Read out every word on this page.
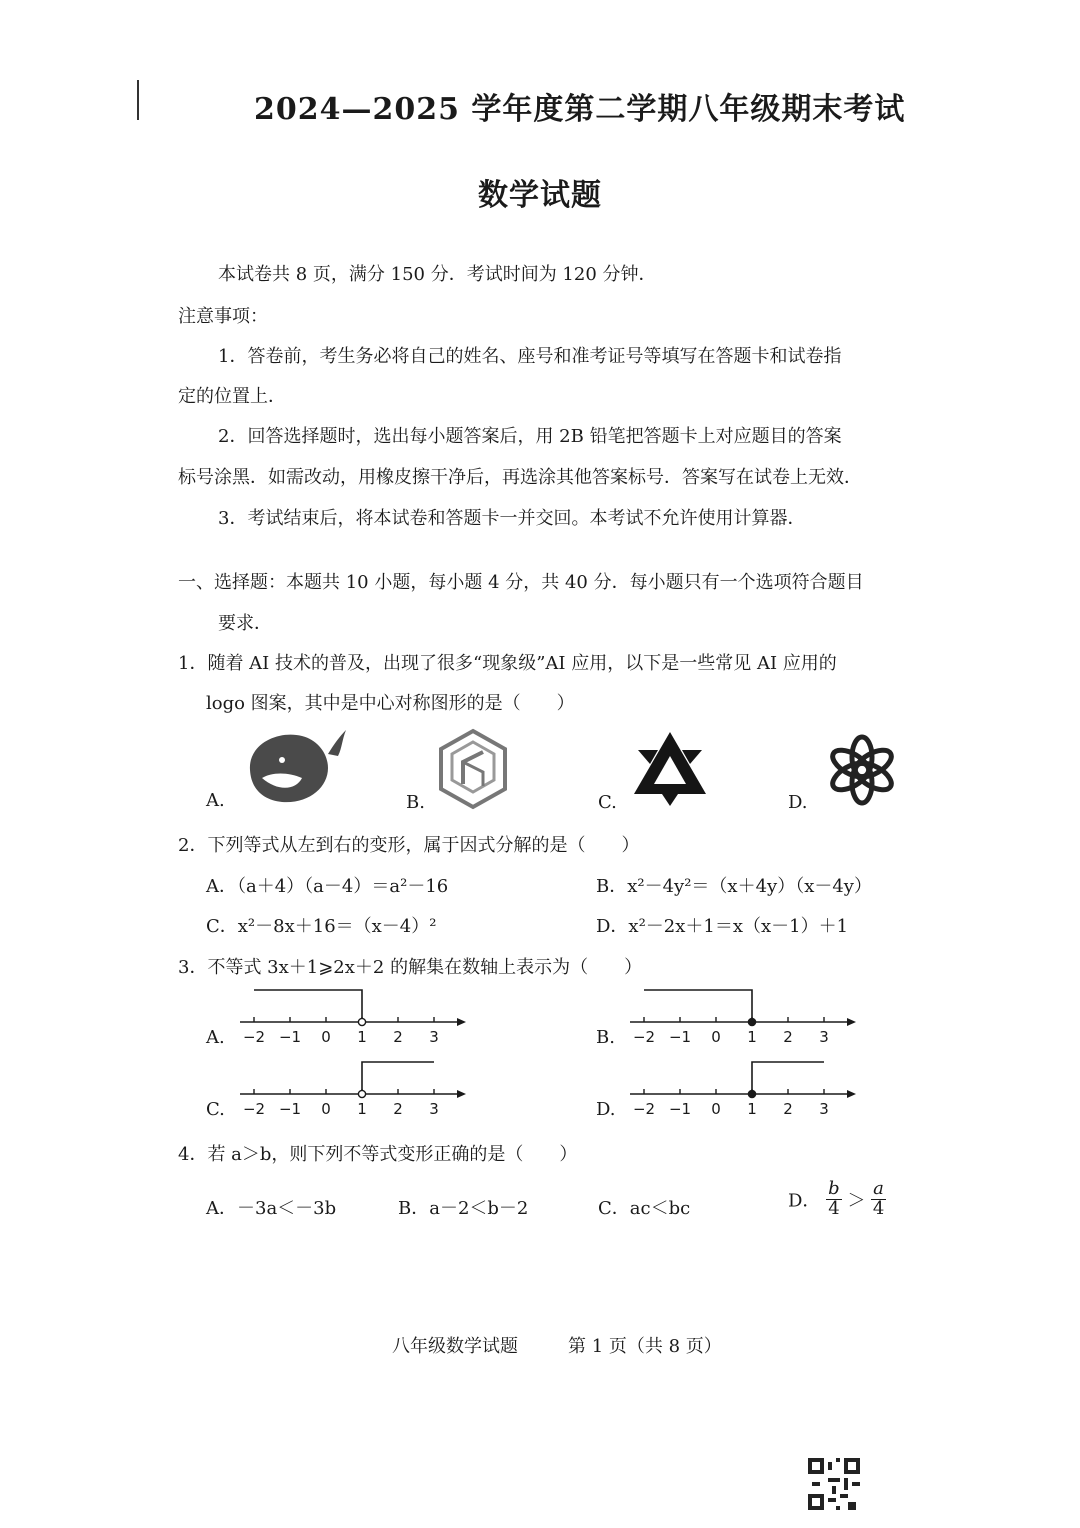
2024—2025 学年度第二学期八年级期末考试
数学试题
本试卷共 8 页，满分 150 分．考试时间为 120 分钟．
注意事项：
1．答卷前，考生务必将自己的姓名、座号和准考证号等填写在答题卡和试卷指
定的位置上．
2．回答选择题时，选出每小题答案后，用 2B 铅笔把答题卡上对应题目的答案
标号涂黑．如需改动，用橡皮擦干净后，再选涂其他答案标号．答案写在试卷上无效．
3．考试结束后，将本试卷和答题卡一并交回。本考试不允许使用计算器．
一、选择题：本题共 10 小题，每小题 4 分，共 40 分．每小题只有一个选项符合题目
要求．
1．随着 AI 技术的普及，出现了很多“现象级”AI 应用，以下是一些常见 AI 应用的
logo 图案，其中是中心对称图形的是（　　）
A.	B.	C.	D.
2．下列等式从左到右的变形，属于因式分解的是（　　）
A．（a＋4）（a－4）＝a²－16	B．x²－4y²＝（x＋4y）（x－4y）
C．x²－8x＋16＝（x－4）²	D．x²－2x＋1＝x（x－1）＋1
3．不等式 3x＋1⩾2x＋2 的解集在数轴上表示为（　　）
A. −2 −1 0 1 2 3	B. −2 −1 0 1 2 3
C. −2 −1 0 1 2 3	D. −2 −1 0 1 2 3
4．若 a＞b，则下列不等式变形正确的是（　　）
A．－3a＜－3b	B．a－2＜b－2	C．ac＜bc	D． $\frac{b}{4} > \frac{a}{4}$
八年级数学试题	第 1 页（共 8 页）
